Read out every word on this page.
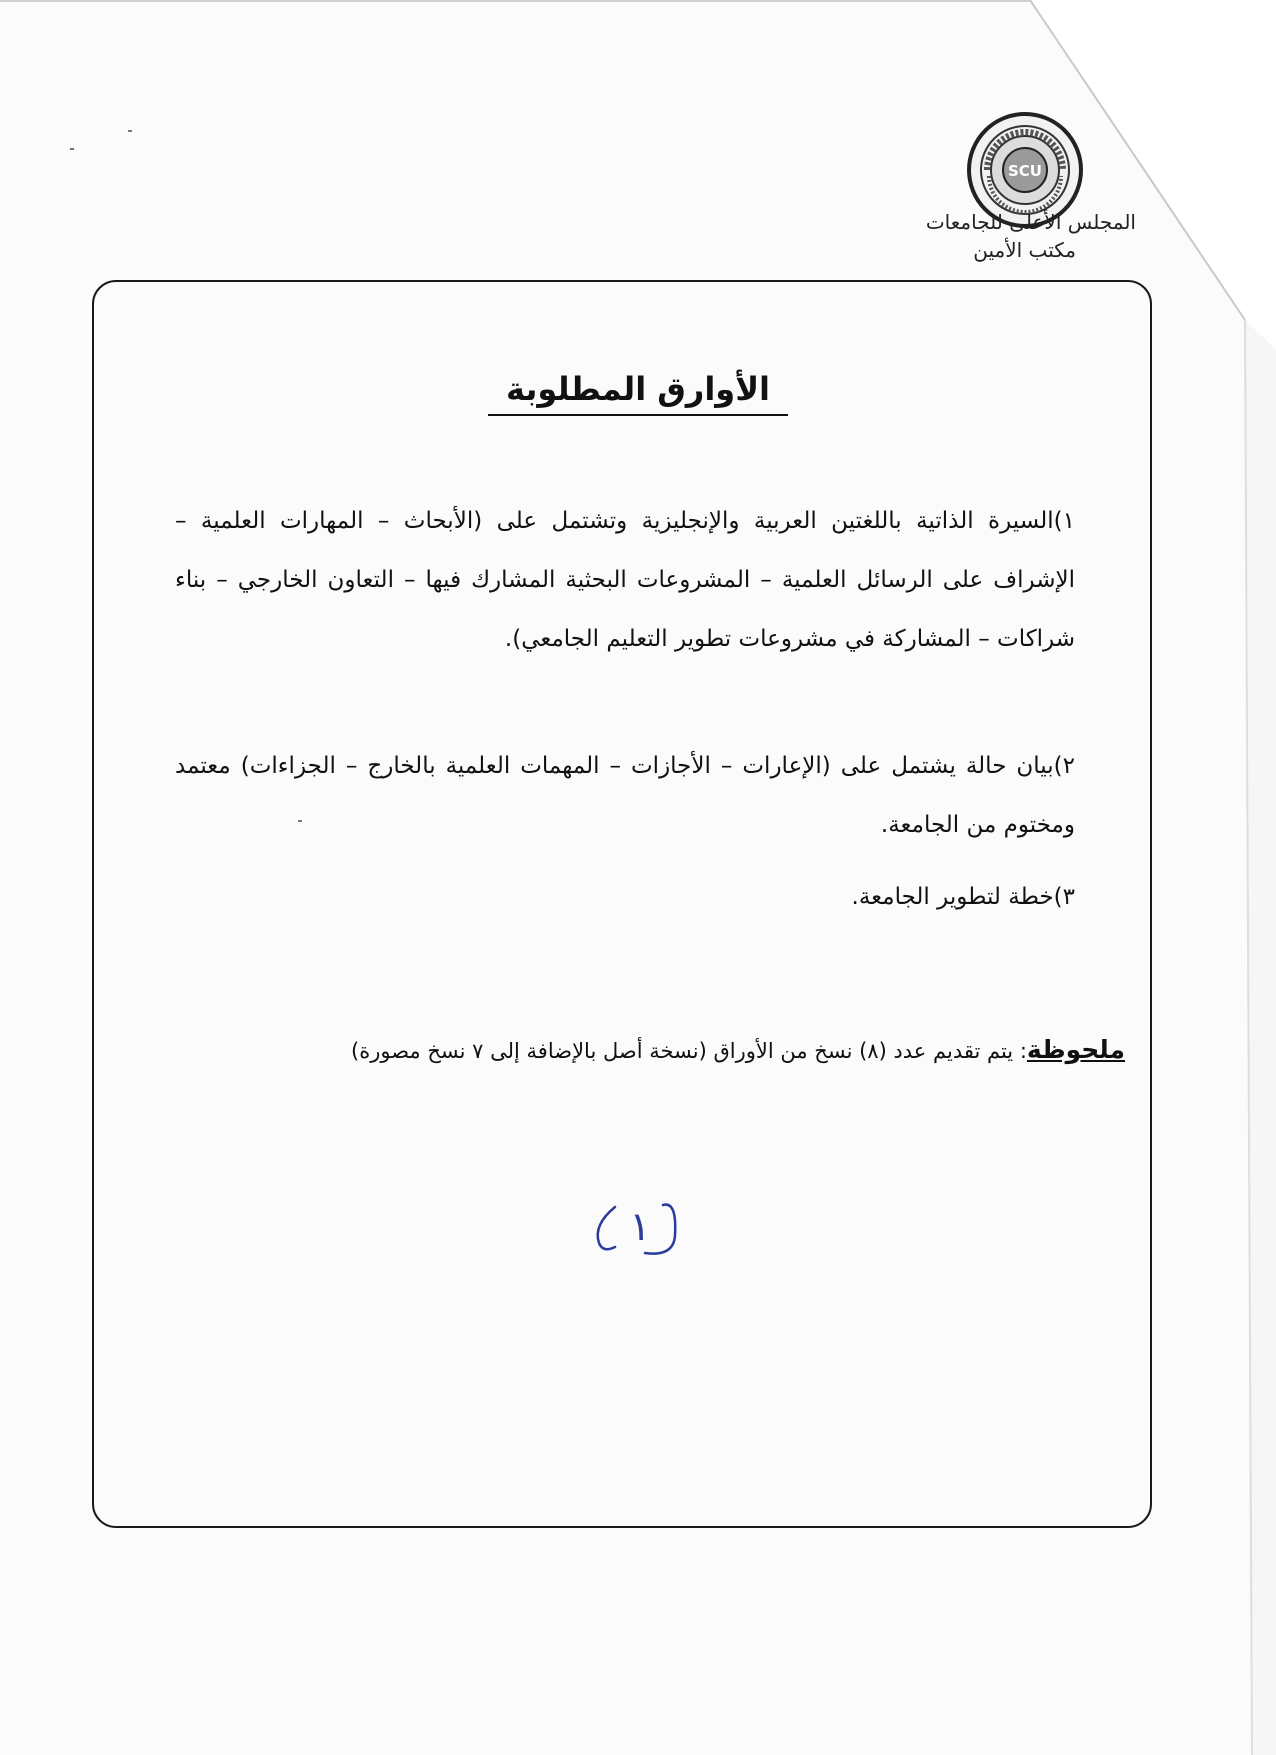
SCU
المجلس الأعلى للجامعات
مكتب الأمين
الأوارق المطلوبة
١)السيرة الذاتية باللغتين العربية والإنجليزية وتشتمل على (الأبحاث – المهارات العلمية – الإشراف على الرسائل العلمية – المشروعات البحثية المشارك فيها – التعاون الخارجي – بناء شراكات – المشاركة في مشروعات تطوير التعليم الجامعي).
٢)بيان حالة يشتمل على (الإعارات – الأجازات – المهمات العلمية بالخارج – الجزاءات) معتمد ومختوم من الجامعة.
٣)خطة لتطوير الجامعة.
ملحوظة: يتم تقديم عدد (٨) نسخ من الأوراق (نسخة أصل بالإضافة إلى ٧ نسخ مصورة)
١
